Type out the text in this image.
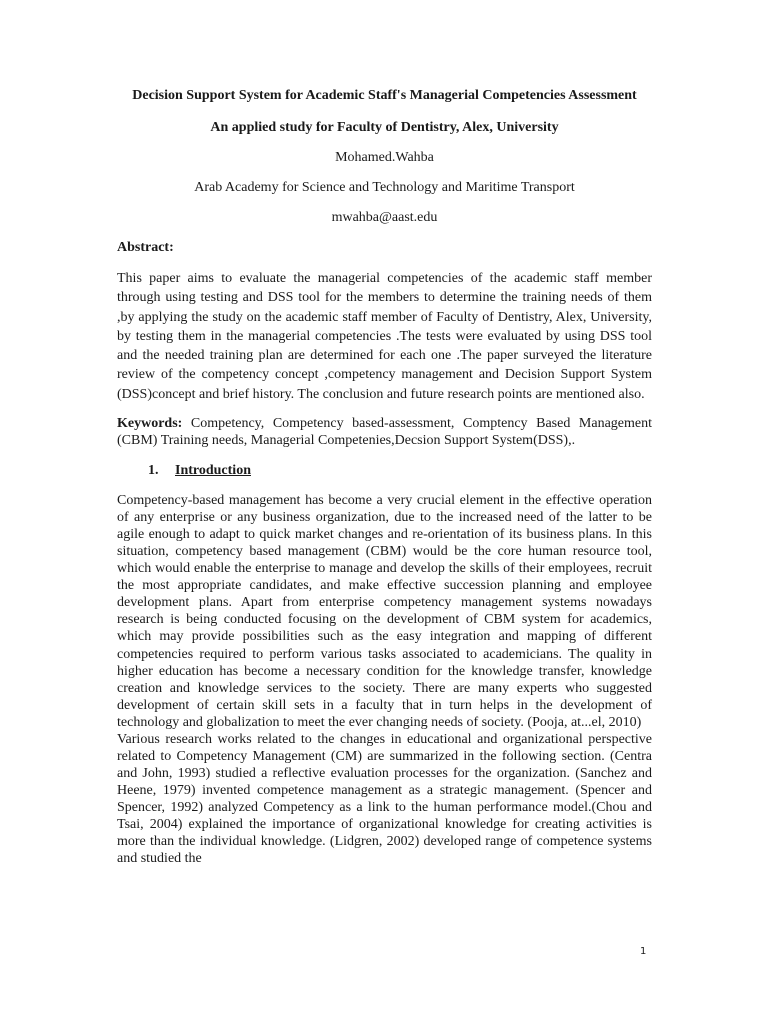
Decision Support System for Academic Staff's Managerial Competencies Assessment

An applied study for Faculty of Dentistry, Alex, University

Mohamed.Wahba

Arab Academy for Science and Technology and Maritime Transport

mwahba@aast.edu

Abstract:

This paper aims to evaluate the managerial competencies of the academic staff member through using testing and DSS tool for the members to determine the training needs of them ,by applying the study on the academic staff member of Faculty of Dentistry, Alex, University, by testing them in the managerial competencies .The tests were evaluated by using DSS tool and the needed training plan are determined for each one .The paper surveyed the literature review of the competency concept ,competency management and Decision Support System (DSS)concept and brief history. The conclusion and future research points are mentioned also.

Keywords: Competency, Competency based-assessment, Comptency Based Management (CBM) Training needs, Managerial Competenies,Decsion Support System(DSS),.

1. Introduction

Competency-based management has become a very crucial element in the effective operation of any enterprise or any business organization, due to the increased need of the latter to be agile enough to adapt to quick market changes and re-orientation of its business plans. In this situation, competency based management (CBM) would be the core human resource tool, which would enable the enterprise to manage and develop the skills of their employees, recruit the most appropriate candidates, and make effective succession planning and employee development plans. Apart from enterprise competency management systems nowadays research is being conducted focusing on the development of CBM system for academics, which may provide possibilities such as the easy integration and mapping of different competencies required to perform various tasks associated to academicians. The quality in higher education has become a necessary condition for the knowledge transfer, knowledge creation and knowledge services to the society. There are many experts who suggested development of certain skill sets in a faculty that in turn helps in the development of technology and globalization to meet the ever changing needs of society. (Pooja, at...el, 2010)

Various research works related to the changes in educational and organizational perspective related to Competency Management (CM) are summarized in the following section. (Centra and John, 1993) studied a reflective evaluation processes for the organization. (Sanchez and Heene, 1979) invented competence management as a strategic management. (Spencer and Spencer, 1992) analyzed Competency as a link to the human performance model.(Chou and Tsai, 2004) explained the importance of organizational knowledge for creating activities is more than the individual knowledge. (Lidgren, 2002) developed range of competence systems and studied the

1
